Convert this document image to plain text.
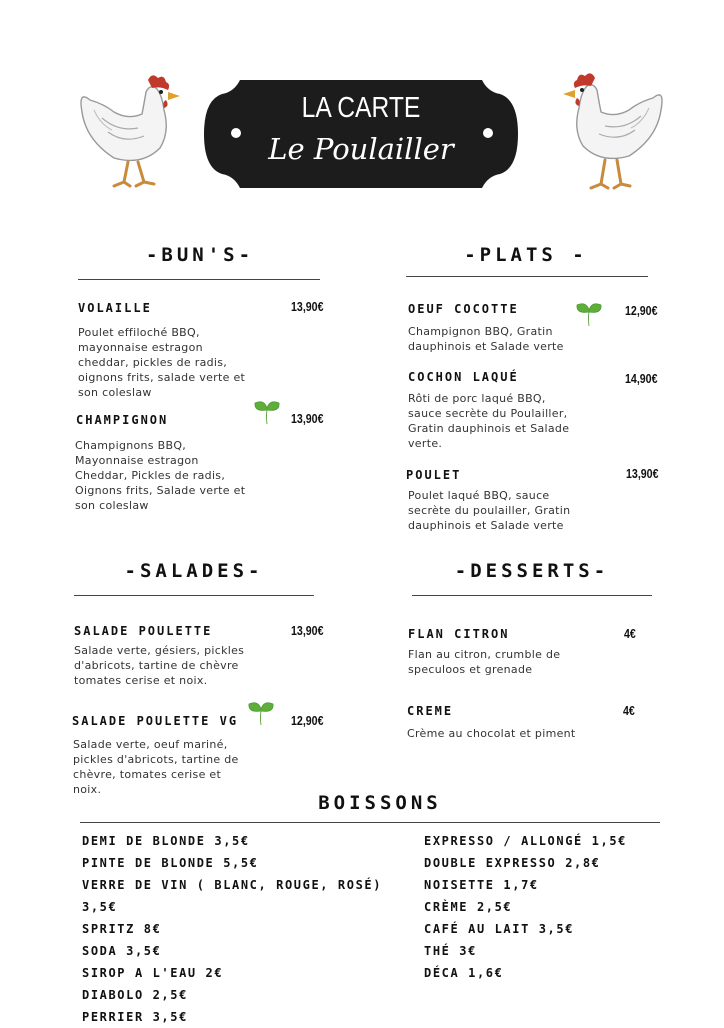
LA CARTE
Le Poulailler
-BUN'S-
VOLAILLE	13,90€
Poulet effiloché BBQ,
mayonnaise estragon
cheddar, pickles de radis,
oignons frits, salade verte et
son coleslaw
CHAMPIGNON	13,90€
Champignons BBQ,
Mayonnaise estragon
Cheddar, Pickles de radis,
Oignons frits, Salade verte et
son coleslaw
-PLATS -
OEUF COCOTTE	12,90€
Champignon BBQ, Gratin
dauphinois et Salade verte
COCHON LAQUÉ	14,90€
Rôti de porc laqué BBQ,
sauce secrète du Poulailler,
Gratin dauphinois et Salade
verte.
POULET	13,90€
Poulet laqué BBQ, sauce
secrète du poulailler, Gratin
dauphinois et Salade verte
-SALADES-
SALADE POULETTE	13,90€
Salade verte, gésiers, pickles
d'abricots, tartine de chèvre
tomates cerise et noix.
SALADE POULETTE VG	12,90€
Salade verte, oeuf mariné,
pickles d'abricots, tartine de
chèvre, tomates cerise et
noix.
-DESSERTS-
FLAN CITRON	4€
Flan au citron, crumble de
speculoos et grenade
CREME	4€
Crème au chocolat et piment
BOISSONS
DEMI DE BLONDE 3,5€
PINTE DE BLONDE 5,5€
VERRE DE VIN ( BLANC, ROUGE, ROSÉ) 3,5€
SPRITZ 8€
SODA 3,5€
SIROP A L'EAU 2€
DIABOLO 2,5€
PERRIER 3,5€
EXPRESSO / ALLONGÉ 1,5€
DOUBLE EXPRESSO 2,8€
NOISETTE 1,7€
CRÈME 2,5€
CAFÉ AU LAIT 3,5€
THÉ 3€
DÉCA 1,6€
